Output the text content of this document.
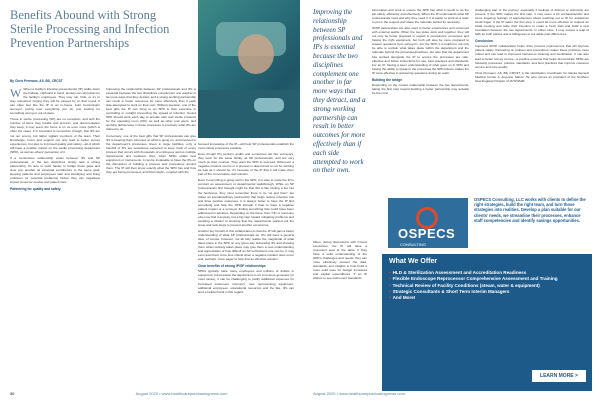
Benefits Abound with Strong Sterile Processing and Infection Prevention Partnerships
By Chris Perreaux, AS, BS, CRCST

W When a facility's infection preventionist (IP) walks down the hallway, clipboard in hand, anxiety can skyrocket for the facility's employees. They may run, hide, or try to stay unnoticed, hoping they will be passed by on that round. It can often feel like the IP is an in-house Joint Commission surveyor, poring over everything you do, just looking for something wrong or out of place.

Those in sterile processing (SP) are no exception, and with the number of items they handle and process, and documentation they keep, it may seem the focus is on us even more (which is often the case). It is important to remember, though, that IPs are not our enemy, but rather vigilant members of the team. Their knowledge, focus and support not only lead to better survey experiences, but also to improved quality and safety—all of which will have a positive impact on the sterile processing department (SPD), as well as others' perception of it.

If a contentious relationship exists between IPs and SP professionals, or the two disciplines simply lack a strong partnership, it's time to work harder to bridge those gaps and view one another as essential contributors to the same goal: keeping patients and employees safe and identifying and fixing problems (or potential problems) before they can negatively impact customer service and patient care.

Partnering for quality and safety

Improving the relationship between SP professionals and IPs is essential because the two disciplines complement one another in far more ways that they detract, and a strong working partnership can result in better outcomes for more effectively than if each side attempted to work on their own. Without question, one of the best gifts the IP can bring to an SPD is their expertise in controlling or outright preventing the spread of infection. Sound SPD should work each day to provide safe and sterile products for the operating room (OR), as well as other end users, and spotting deficiencies in these processes is precisely what IPs are trained to do.

Conversely, one of the best gifts that SP professionals can give IPs is keeping them informed on what is going on, and involved in the department's processes. Even in large facilities, only a handful of IPs are sometimes expected to keep track of every process that occurs with thousands of employees across multiple departments and locations. Also, when SPDs obtain new equipment or instruments, it can be invaluable to have the IPs on the discussion of building a process and procedures around them. The IP will then know exactly what the SPD has and how they are being processed, and that insight—coupled with the

focused knowledge of the IP—will help SP professionals establish the most robust processes possible.

Even though IPs perform audits and sometimes act like surveyors, they work for the same facility as SP professionals, and are very much on their counsel. They want the SPD to succeed. Whenever a negative incident occurs or a process is determined to not be working as well as it should be, it's because of the IP that it will make them part of the conversation and solution.

Even if everything is going well in the SPD, it is wise to invite the IP to conduct an assessment or departmental walkthrough. While an SP professional's first thought might be that this is like inviting a fox into the henhouse, they must remember there is no "us and them" but rather an interdisciplinary partnership that helps reduce infection risk and drive positive outcomes. It is always better to have the IP find something and help the SPD through it than to have a negative patient impact or a surveyor finding something that could have been addressed in advance. Depending on the issue, then TJC or someone else may find it anyway, but a big step toward mitigating problems and avoiding a citation is showing that the departments worked out the issue and took steps to prevent another occurrence.

Another key benefit of this collaboration is that the IP will gain a better understanding of what SP professionals do. IPs will have a general idea, of course; however, not all fully realize the magnitude of what takes place in the SPD on any given day. Educating IPs and showing them what routinely takes place may give them a new understanding and appreciation of how difficult an SP technician's role can be. It may even lead them to be less critical when a negative incident does occur and, perhaps, more eager to help find an effective solution.

Clear benefits of strong IP/SP relationships

SPDs typically have many employees and millions of dollars in equipment, but because the department is not a revenue generator (in most cases), it can be challenging to justify additional expenses for increased instrument inventory, new reprocessing equipment, additional employees, educational resources and the like. IPs can lend a helpful hand in this regard.

30	August 2020 • www.healthcarepurchasingnews.com
Improving the relationship between SP professionals and IPs is essential because the two disciplines complement one another in far more ways that they detract, and a strong working partnership can result in better outcomes for more effectively than if each side attempted to work on their own.

Often, during discussions with C-level executives, the IP will have a prominent seat at the table. If they have a solid understanding of the SPD's challenges and needs, they can more effectively present the data, standards, and insights to help build a more solid case for budget increases and capital expenditures. If an IP wishes to see instrument standards

information and work to ensure the SPD has what it needs to do the job safely, efficiently and effectively. When the IP understands what SP professionals need and why they need it, it is easier to work as a team to put in the request and share the rationale behind its necessity.

IP/SP partnerships are also used to better experiences and outcomes with external audits. When the two sides work well together, they will not only be better prepared in regard to procedures, processes and having the right equipment, but both will also be more prepared to answer questions from surveyors. For the SPD, it is helpful to not only be able to explain what takes place within the department and the rationale behind the processes/practices, but also that the department has worked alongside the IP to ensure the processes are safe, effective and follow instructions for use, best practices and standards. For an IP, having a keen understanding of what goes on in SPD and having the ability to speak to the processes the SPD follows makes the IP more effective in answering questions during an audit.

Building the bridge

Depending on the current relationship between the two departments, taking the first step toward building a better partnership may actually be the most

challenging part of the journey, especially if feelings of distrust or animosity are present. If the SPD makes the first step, it may seem a bit uncharacteristic and some lingering feelings of apprehension about reaching out to IP for assistance could linger. If the IP takes the first step, it could be more effective to request an initial meeting and state their intention to make a fresh start and build a new foundation between the two departments. In either case, it may involve a leap of faith for both parties and a willingness to put aside past differences.

Conclusion

Improved SP/IP collaboration helps drive process improvement that will improve patient safety. Partnering on policies and procedures makes these practices more robust and can lead to improved instrument cleaning and sterilization. It can also lead to better survey scores—a positive outcome that helps demonstrate SPDs are following processes, policies, standards, and best practices that improve customer service and care quality.

Chris Perreaux, AS, BS, CRCST, is the sterilization coordinator for Alaska General Medical Center in Augusta, Maine. He also serves as president of the Northern New England Chapter of IAHCSMM.

OSPECS
CONSULTING
OSPECS Consulting, LLC works with clients to define the right strategies, build the right team, and turn those strategies into realities. Develop a plan suitable for our clients' needs, we streamline their processes, enhance staff competencies and identify savings opportunities.
What We Offer
• HLD & Sterilization Assessment and Accreditation Readiness
• Flexible Endoscope Reprocessor Comprehensive Assessment and Training
• Technical Review of Facility Conditions (steam, water & equipment)
• Strategic Consultants & Short Term Interim Managers
• And More!
LEARN MORE >
August 2020 • www.healthcarepurchasingnews.com
